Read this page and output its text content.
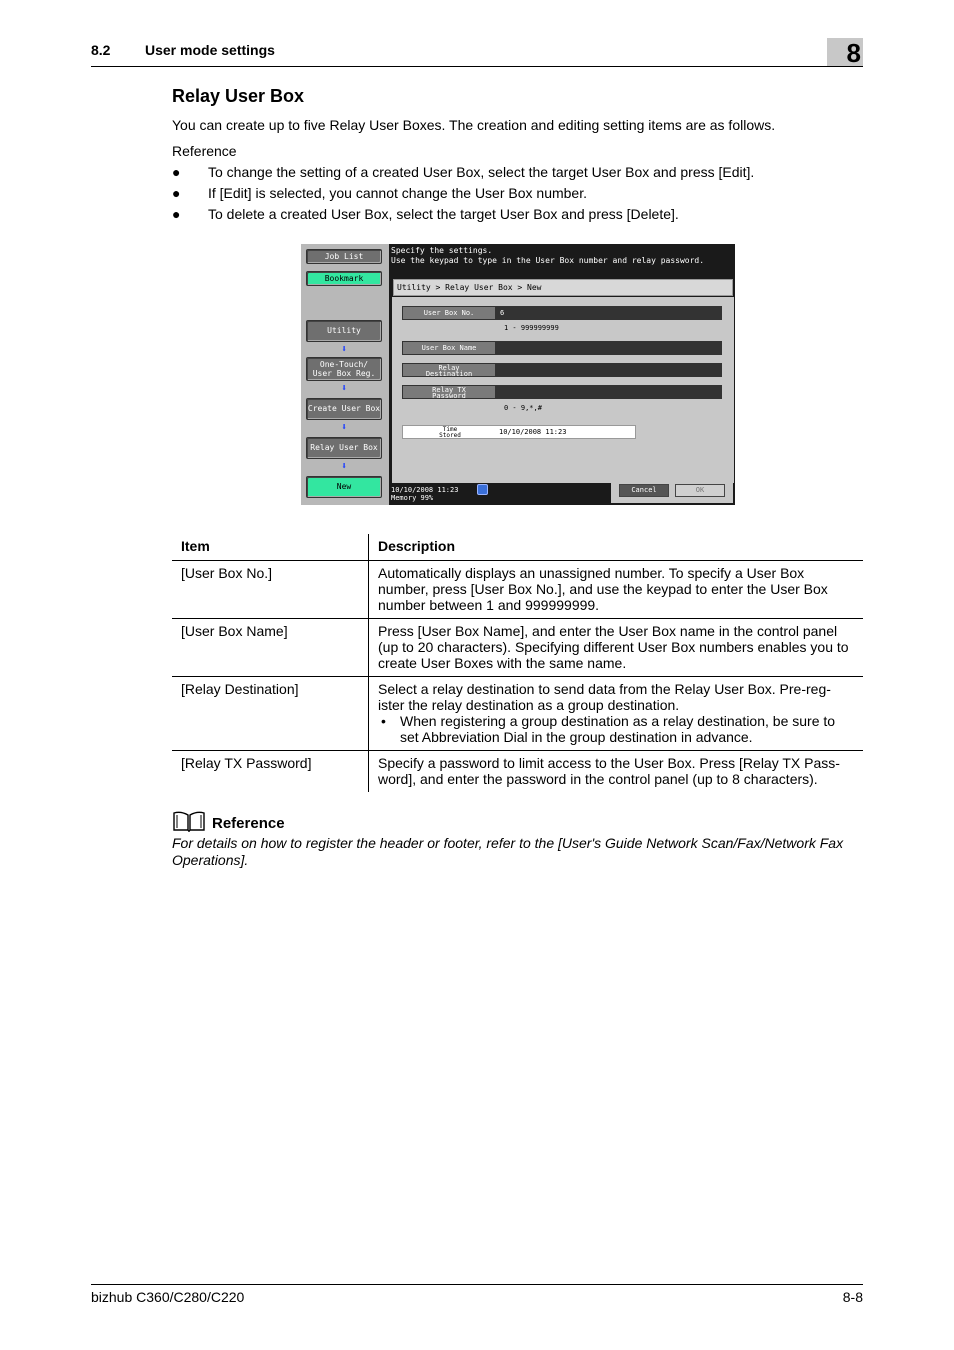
8.2 User mode settings	8
Relay User Box
You can create up to five Relay User Boxes. The creation and editing setting items are as follows.
Reference
● To change the setting of a created User Box, select the target User Box and press [Edit].
● If [Edit] is selected, you cannot change the User Box number.
● To delete a created User Box, select the target User Box and press [Delete].
Job List
Bookmark
Utility
⬇
One-Touch/
User Box Reg.
⬇
Create User Box
⬇
Relay User Box
⬇
New
Specify the settings.
Use the keypad to type in the User Box number and relay password.
Utility > Relay User Box > New
User Box No.	6
1 - 999999999
User Box Name
Relay
Destination
Relay TX
Password
0 - 9,*,#
Time
Stored	10/10/2008 11:23
10/10/2008 11:23
Memory 99%
Cancel	OK
Item	Description
[User Box No.]	Automatically displays an unassigned number. To specify a User Box number, press [User Box No.], and use the keypad to enter the User Box number between 1 and 999999999.
[User Box Name]	Press [User Box Name], and enter the User Box name in the control panel (up to 20 characters). Specifying different User Box numbers enables you to create User Boxes with the same name.
[Relay Destination]	Select a relay destination to send data from the Relay User Box. Pre-reg-ister the relay destination as a group destination.
• When registering a group destination as a relay destination, be sure to set Abbreviation Dial in the group destination in advance.

[Relay TX Password]	Specify a password to limit access to the User Box. Press [Relay TX Pass-word], and enter the password in the control panel (up to 8 characters).
Reference
For details on how to register the header or footer, refer to the [User's Guide Network Scan/Fax/Network Fax Operations].
bizhub C360/C280/C220	8-8
